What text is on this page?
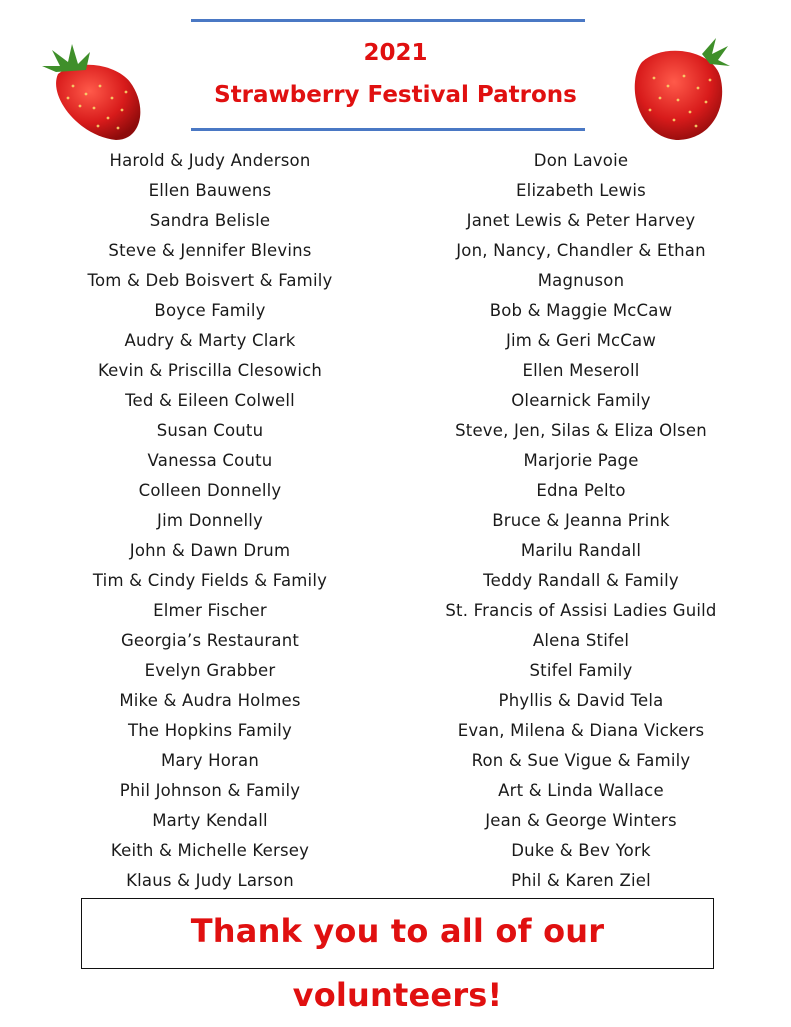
2021
Strawberry Festival Patrons
Harold & Judy Anderson
Ellen Bauwens
Sandra Belisle
Steve & Jennifer Blevins
Tom & Deb Boisvert & Family
Boyce Family
Audry & Marty Clark
Kevin & Priscilla Clesowich
Ted & Eileen Colwell
Susan Coutu
Vanessa Coutu
Colleen Donnelly
Jim Donnelly
John & Dawn Drum
Tim & Cindy Fields & Family
Elmer Fischer
Georgia’s Restaurant
Evelyn Grabber
Mike & Audra Holmes
The Hopkins Family
Mary Horan
Phil Johnson & Family
Marty Kendall
Keith & Michelle Kersey
Klaus & Judy Larson
Don Lavoie
Elizabeth Lewis
Janet Lewis & Peter Harvey
Jon, Nancy, Chandler & Ethan
Magnuson
Bob & Maggie McCaw
Jim & Geri McCaw
Ellen Meseroll
Olearnick Family
Steve, Jen, Silas & Eliza Olsen
Marjorie Page
Edna Pelto
Bruce & Jeanna Prink
Marilu Randall
Teddy Randall & Family
St. Francis of Assisi Ladies Guild
Alena Stifel
Stifel Family
Phyllis & David Tela
Evan, Milena & Diana Vickers
Ron & Sue Vigue & Family
Art & Linda Wallace
Jean & George Winters
Duke & Bev York
Phil & Karen Ziel
Thank you to all of our volunteers!
